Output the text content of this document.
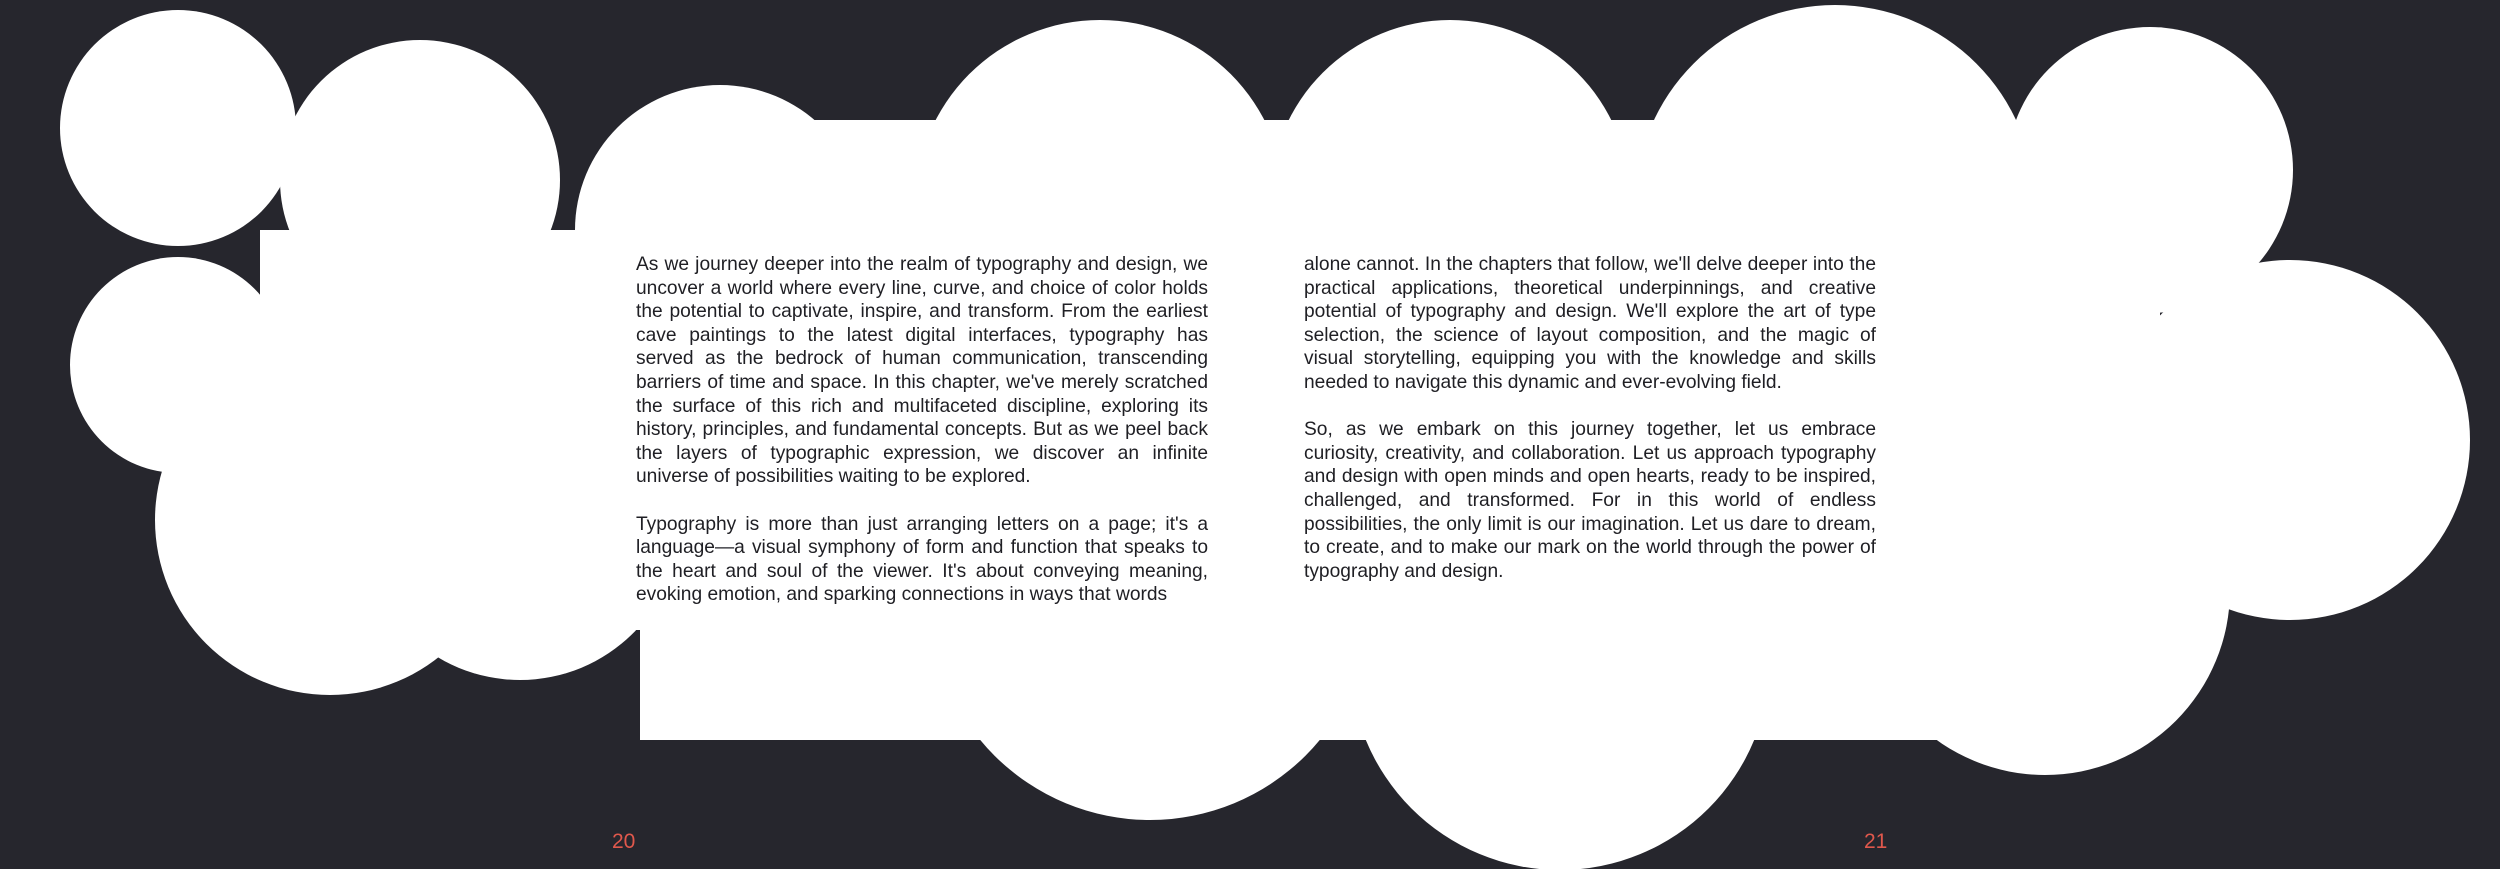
As we journey deeper into the realm of typography and design, we uncover a world where every line, curve, and choice of color holds the potential to captivate, inspire, and transform. From the earliest cave paintings to the latest digital interfaces, typography has served as the bedrock of human communication, transcending barriers of time and space. In this chapter, we've merely scratched the surface of this rich and multifaceted discipline, exploring its history, principles, and fundamental concepts. But as we peel back the layers of typographic expression, we discover an infinite universe of possibilities waiting to be explored.

Typography is more than just arranging letters on a page; it's a language—a visual symphony of form and function that speaks to the heart and soul of the viewer. It's about conveying meaning, evoking emotion, and sparking connections in ways that words

alone cannot. In the chapters that follow, we'll delve deeper into the practical applications, theoretical underpinnings, and creative potential of typography and design. We'll explore the art of type selection, the science of layout composition, and the magic of visual storytelling, equipping you with the knowledge and skills needed to navigate this dynamic and ever-evolving field.

So, as we embark on this journey together, let us embrace curiosity, creativity, and collaboration. Let us approach typography and design with open minds and open hearts, ready to be inspired, challenged, and transformed. For in this world of endless possibilities, the only limit is our imagination. Let us dare to dream, to create, and to make our mark on the world through the power of typography and design.

20	21
